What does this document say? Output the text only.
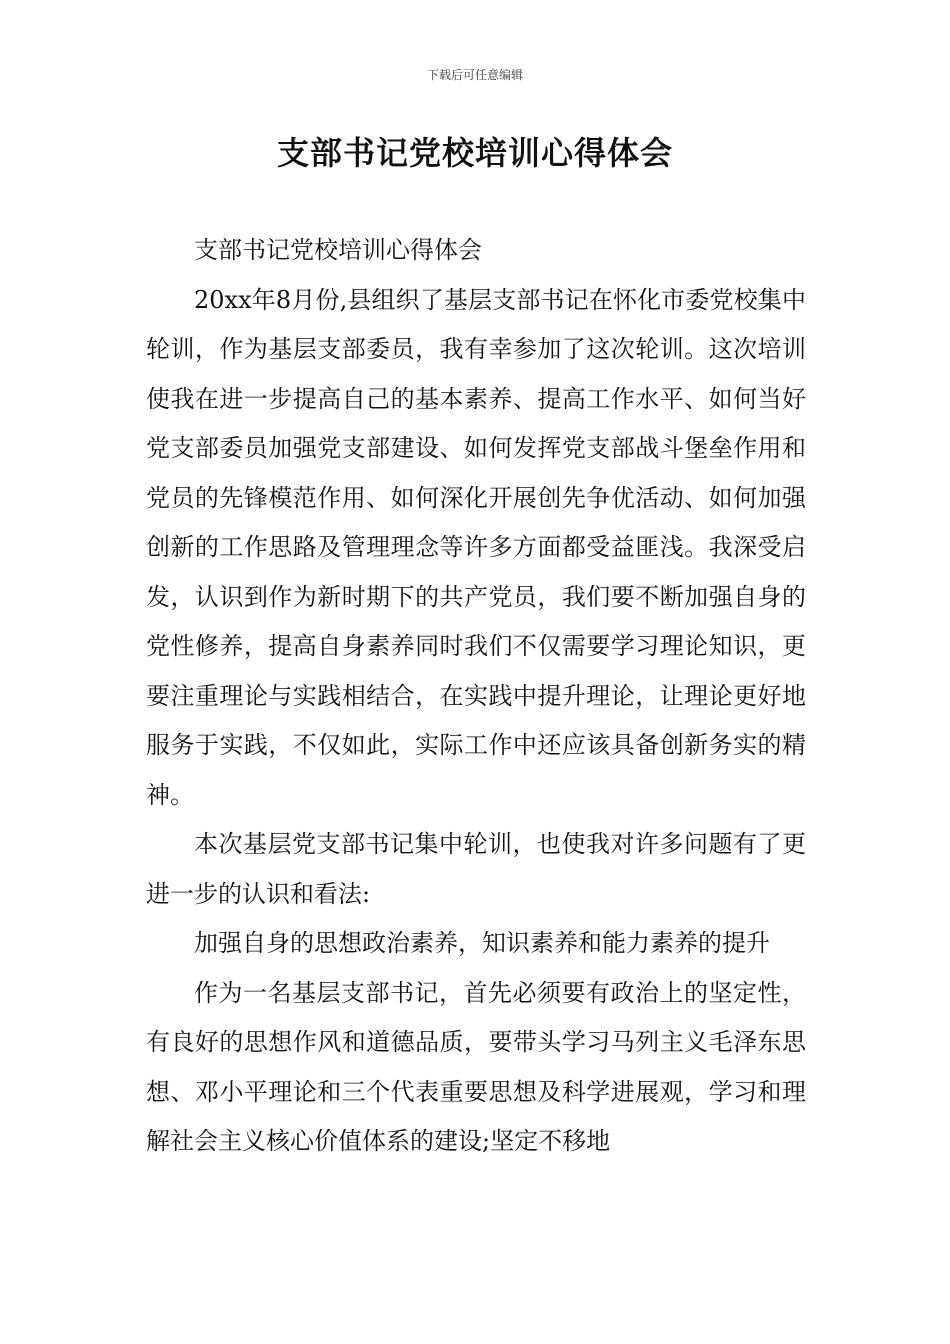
下载后可任意编辑
支部书记党校培训心得体会

支部书记党校培训心得体会

20xx年8月份,县组织了基层支部书记在怀化市委党校集中轮训，作为基层支部委员，我有幸参加了这次轮训。这次培训使我在进一步提高自己的基本素养、提高工作水平、如何当好党支部委员加强党支部建设、如何发挥党支部战斗堡垒作用和党员的先锋模范作用、如何深化开展创先争优活动、如何加强创新的工作思路及管理理念等许多方面都受益匪浅。我深受启发，认识到作为新时期下的共产党员，我们要不断加强自身的党性修养，提高自身素养同时我们不仅需要学习理论知识，更要注重理论与实践相结合，在实践中提升理论，让理论更好地服务于实践，不仅如此，实际工作中还应该具备创新务实的精神。

本次基层党支部书记集中轮训，也使我对许多问题有了更进一步的认识和看法:

加强自身的思想政治素养，知识素养和能力素养的提升

作为一名基层支部书记，首先必须要有政治上的坚定性，有良好的思想作风和道德品质，要带头学习马列主义毛泽东思想、邓小平理论和三个代表重要思想及科学进展观，学习和理解社会主义核心价值体系的建设;坚定不移地
